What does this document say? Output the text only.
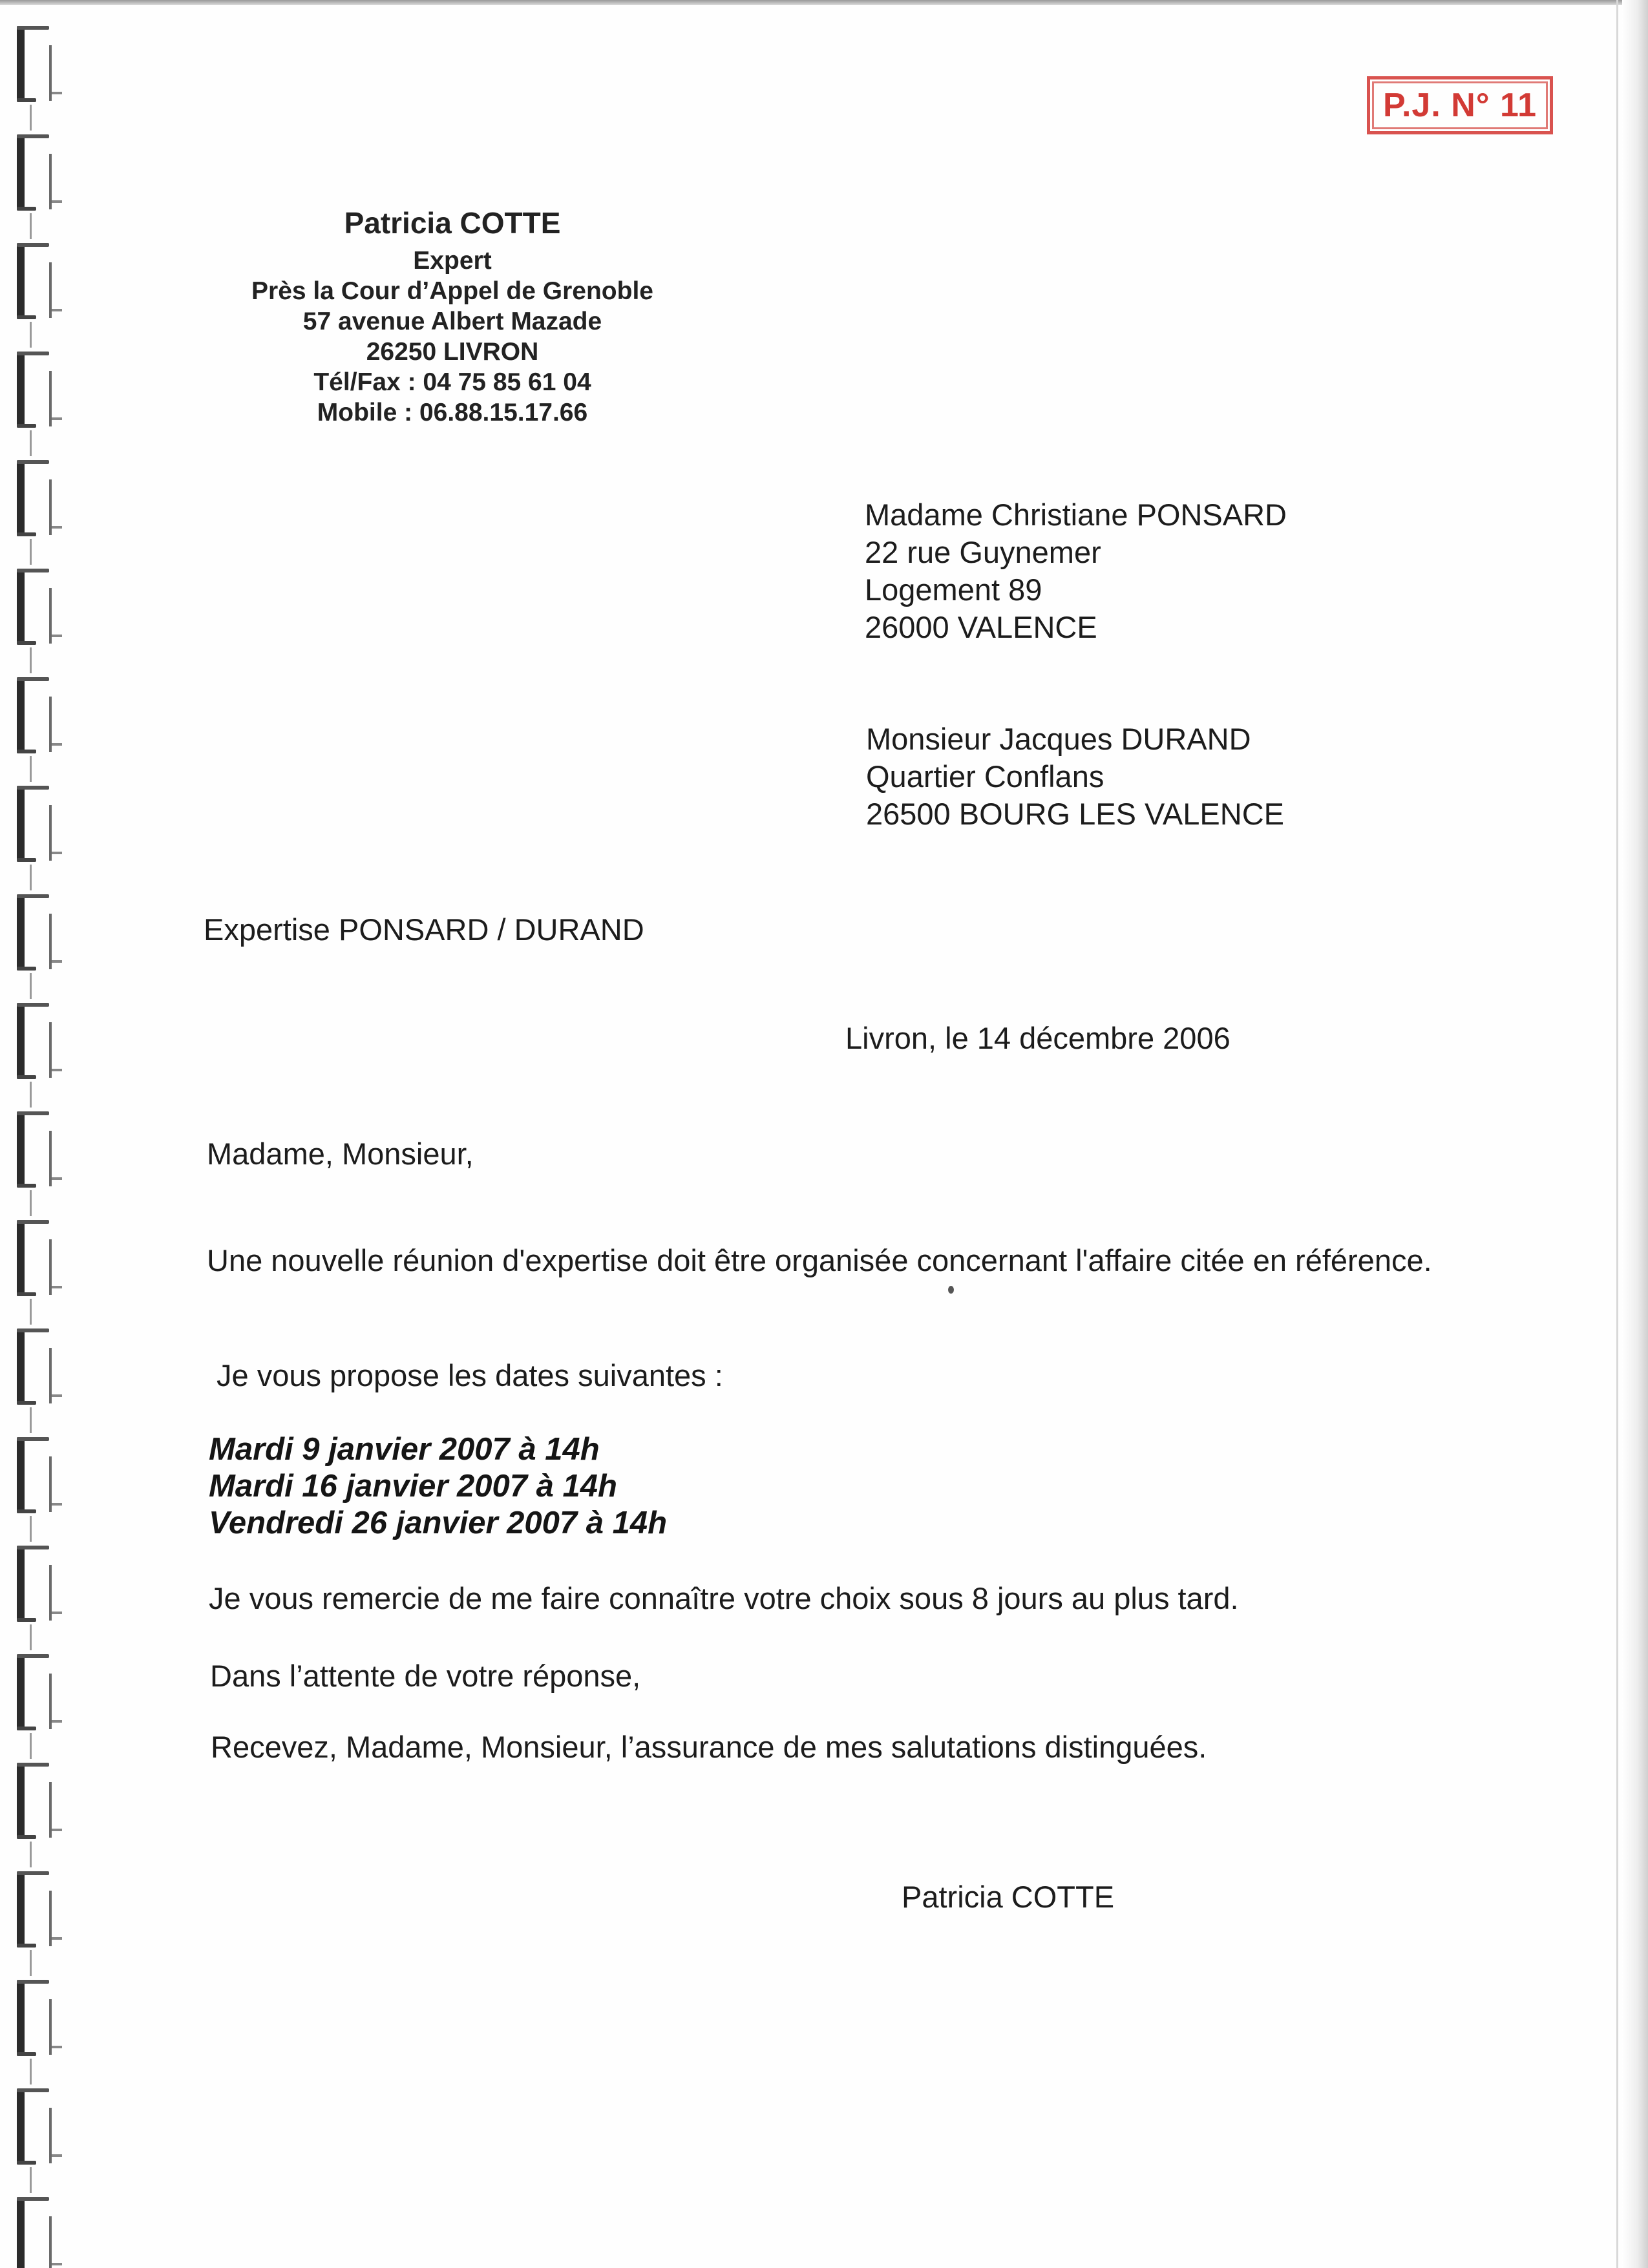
P.J. N° 11
Patricia COTTE
Expert
Près la Cour d’Appel de Grenoble
57 avenue Albert Mazade
26250 LIVRON
Tél/Fax : 04 75 85 61 04
Mobile : 06.88.15.17.66
Madame Christiane PONSARD
22 rue Guynemer
Logement 89
26000 VALENCE
Monsieur Jacques DURAND
Quartier Conflans
26500 BOURG LES VALENCE
Expertise PONSARD / DURAND
Livron, le 14 décembre 2006
Madame, Monsieur,
Une nouvelle réunion d'expertise doit être organisée concernant l'affaire citée en référence.
Je vous propose les dates suivantes :
Mardi 9 janvier 2007 à 14h
Mardi 16 janvier 2007 à 14h
Vendredi 26 janvier 2007 à 14h
Je vous remercie de me faire connaître votre choix sous 8 jours au plus tard.
Dans l’attente de votre réponse,
Recevez, Madame, Monsieur, l’assurance de mes salutations distinguées.
Patricia COTTE
